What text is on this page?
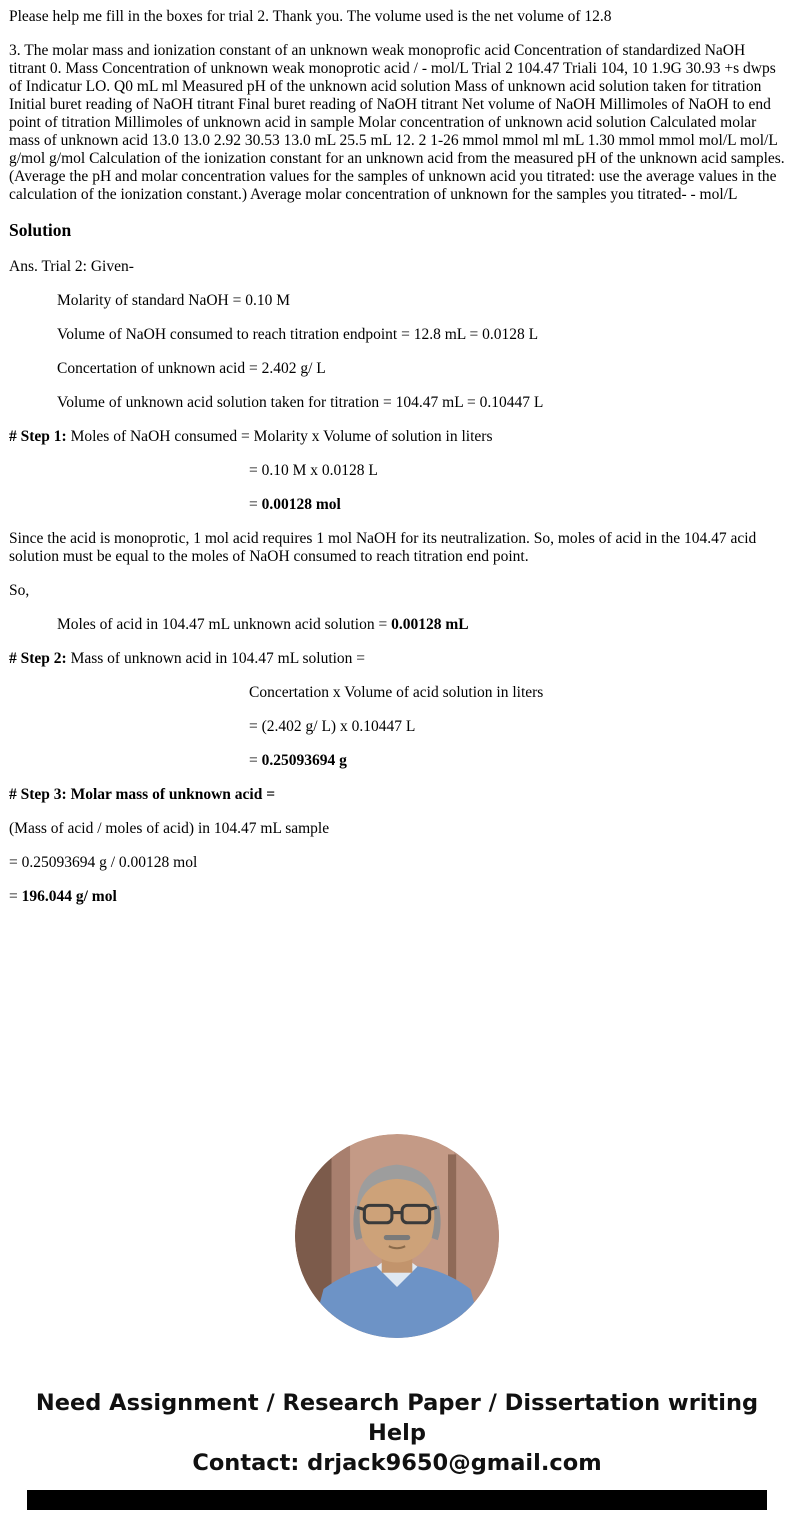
Please help me fill in the boxes for trial 2. Thank you. The volume used is the net volume of 12.8

3. The molar mass and ionization constant of an unknown weak monoprofic acid Concentration of standardized NaOH titrant 0. Mass Concentration of unknown weak monoprotic acid / - mol/L Trial 2 104.47 Triali 104, 10 1.9G 30.93 +s dwps of Indicatur LO. Q0 mL ml Measured pH of the unknown acid solution Mass of unknown acid solution taken for titration Initial buret reading of NaOH titrant Final buret reading of NaOH titrant Net volume of NaOH Millimoles of NaOH to end point of titration Millimoles of unknown acid in sample Molar concentration of unknown acid solution Calculated molar mass of unknown acid 13.0 13.0 2.92 30.53 13.0 mL 25.5 mL 12. 2 1-26 mmol mmol ml mL 1.30 mmol mmol mol/L mol/L g/mol g/mol Calculation of the ionization constant for an unknown acid from the measured pH of the unknown acid samples. (Average the pH and molar concentration values for the samples of unknown acid you titrated: use the average values in the calculation of the ionization constant.) Average molar concentration of unknown for the samples you titrated- - mol/L

Solution

Ans. Trial 2: Given-

Molarity of standard NaOH = 0.10 M

Volume of NaOH consumed to reach titration endpoint = 12.8 mL = 0.0128 L

Concertation of unknown acid = 2.402 g/ L

Volume of unknown acid solution taken for titration = 104.47 mL = 0.10447 L

# Step 1: Moles of NaOH consumed = Molarity x Volume of solution in liters

= 0.10 M x 0.0128 L

= 0.00128 mol

Since the acid is monoprotic, 1 mol acid requires 1 mol NaOH for its neutralization. So, moles of acid in the 104.47 acid solution must be equal to the moles of NaOH consumed to reach titration end point.

So,

Moles of acid in 104.47 mL unknown acid solution = 0.00128 mL

# Step 2: Mass of unknown acid in 104.47 mL solution =

Concertation x Volume of acid solution in liters

= (2.402 g/ L) x 0.10447 L

= 0.25093694 g

# Step 3: Molar mass of unknown acid =

(Mass of acid / moles of acid) in 104.47 mL sample

= 0.25093694 g / 0.00128 mol

= 196.044 g/ mol

Need Assignment / Research Paper / Dissertation writing Help
Contact: drjack9650@gmail.com
